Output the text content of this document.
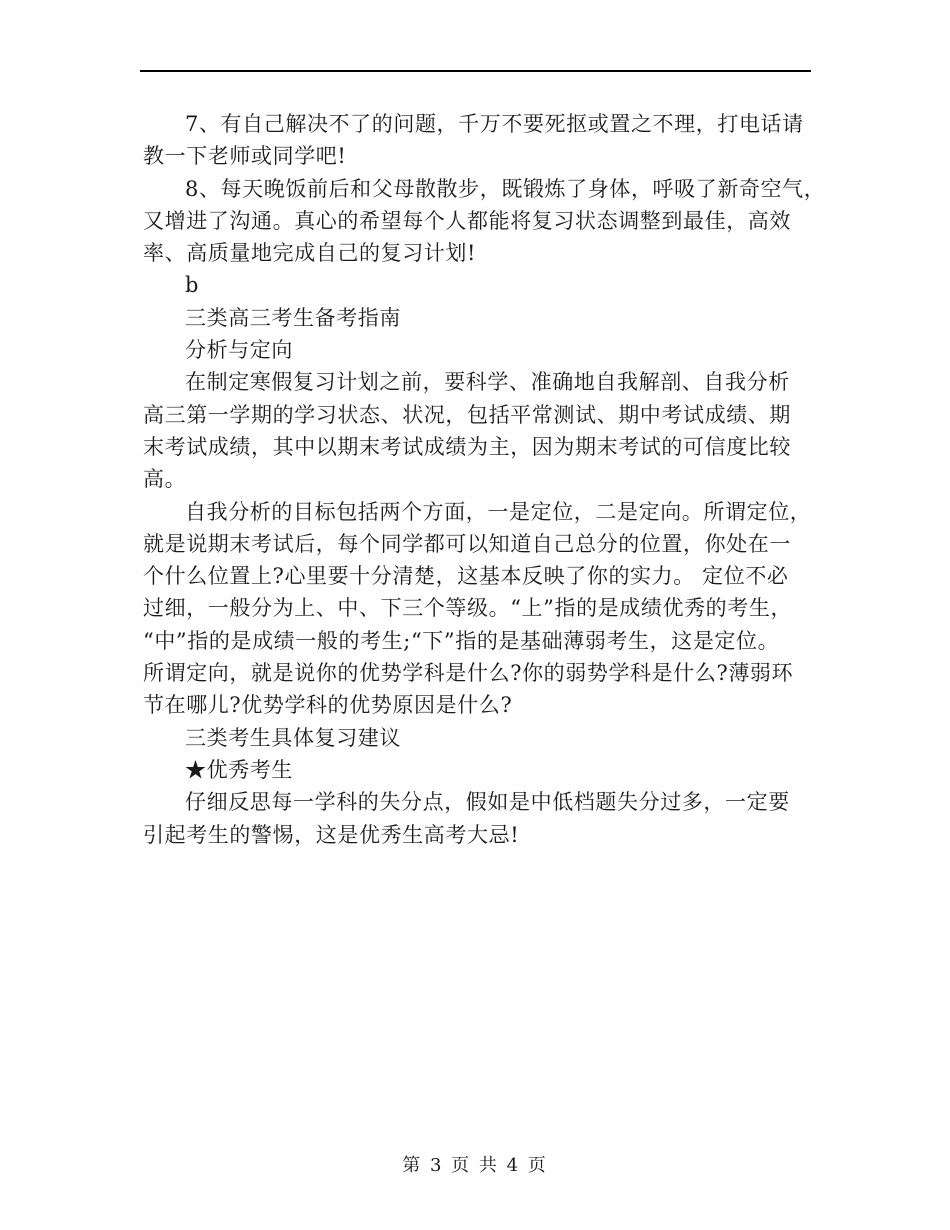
7、有自己解决不了的问题，千万不要死抠或置之不理，打电话请
教一下老师或同学吧!
8、每天晚饭前后和父母散散步，既锻炼了身体，呼吸了新奇空气，
又增进了沟通。真心的希望每个人都能将复习状态调整到最佳，高效
率、高质量地完成自己的复习计划!
b
三类高三考生备考指南
分析与定向
在制定寒假复习计划之前，要科学、准确地自我解剖、自我分析
高三第一学期的学习状态、状况，包括平常测试、期中考试成绩、期
末考试成绩，其中以期末考试成绩为主，因为期末考试的可信度比较
高。
自我分析的目标包括两个方面，一是定位，二是定向。所谓定位，
就是说期末考试后，每个同学都可以知道自己总分的位置，你处在一
个什么位置上?心里要十分清楚，这基本反映了你的实力。 定位不必
过细，一般分为上、中、下三个等级。“上”指的是成绩优秀的考生，
“中”指的是成绩一般的考生;“下”指的是基础薄弱考生，这是定位。
所谓定向，就是说你的优势学科是什么?你的弱势学科是什么?薄弱环
节在哪儿?优势学科的优势原因是什么?
三类考生具体复习建议
★优秀考生
仔细反思每一学科的失分点，假如是中低档题失分过多，一定要
引起考生的警惕，这是优秀生高考大忌!
第 3 页 共 4 页
